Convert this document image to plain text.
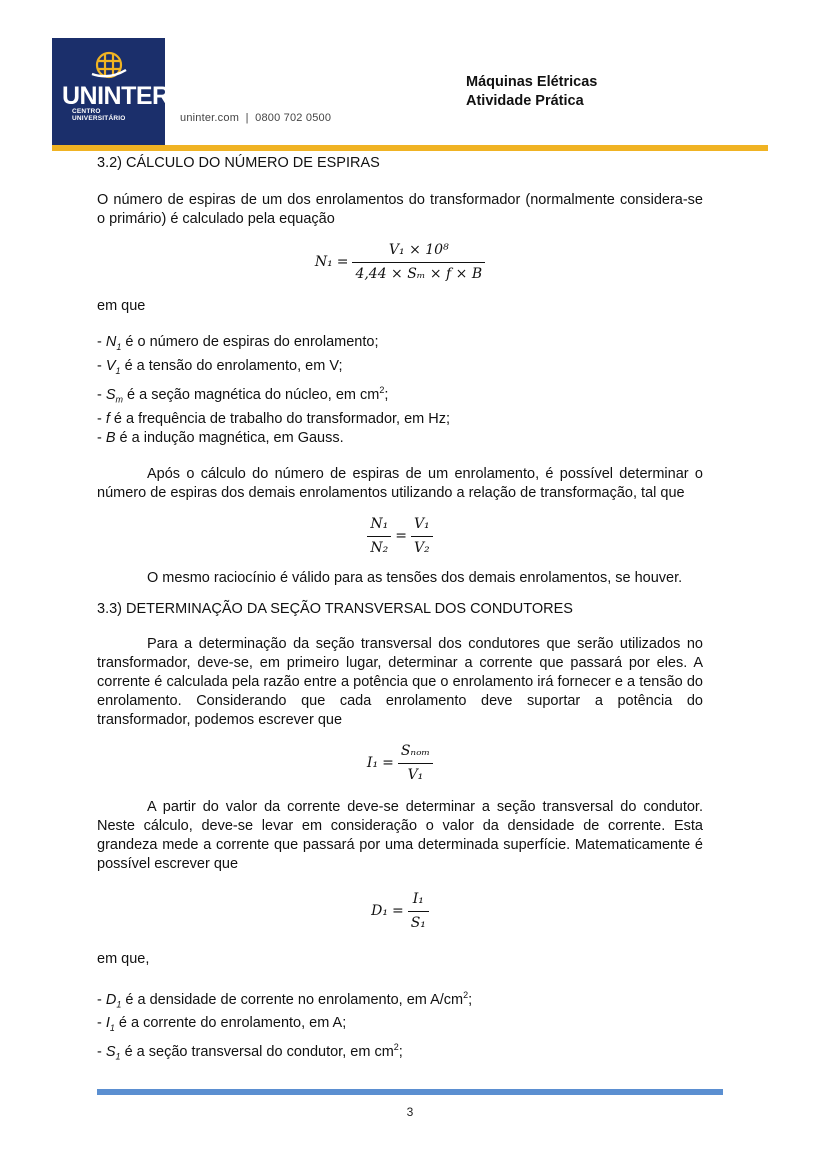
UNINTER
CENTRO
UNIVERSITÁRIO	uninter.com  |  0800 702 0500
Máquinas Elétricas
Atividade Prática

3.2) CÁLCULO DO NÚMERO DE ESPIRAS

O número de espiras de um dos enrolamentos do transformador (normalmente considera-se o primário) é calculado pela equação

$N_1 = \frac{\text{V₁ × 10⁸}}{\text{4,44 × Sₘ × f × B}}$

em que

- $N_1$ é o número de espiras do enrolamento;
- $V_1$ é a tensão do enrolamento, em V;
- $S_m$ é a seção magnética do núcleo, em $cm^2$;
- f é a frequência de trabalho do transformador, em Hz;
- B é a indução magnética, em Gauss.

Após o cálculo do número de espiras de um enrolamento, é possível determinar o número de espiras dos demais enrolamentos utilizando a relação de transformação, tal que

$\frac{\text{N₁}}{\text{N₂}} = \frac{\text{V₁}}{\text{V₂}}$

O mesmo raciocínio é válido para as tensões dos demais enrolamentos, se houver.

3.3) DETERMINAÇÃO DA SEÇÃO TRANSVERSAL DOS CONDUTORES

Para a determinação da seção transversal dos condutores que serão utilizados no transformador, deve-se, em primeiro lugar, determinar a corrente que passará por eles. A corrente é calculada pela razão entre a potência que o enrolamento irá fornecer e a tensão do enrolamento. Considerando que cada enrolamento deve suportar a potência do transformador, podemos escrever que

$I_1 = \frac{\text{Sₙₒₘ}}{\text{V₁}}$

A partir do valor da corrente deve-se determinar a seção transversal do condutor. Neste cálculo, deve-se levar em consideração o valor da densidade de corrente. Esta grandeza mede a corrente que passará por uma determinada superfície. Matematicamente é possível escrever que

$D_1 = \frac{\text{I₁}}{\text{S₁}}$

em que,

- $D_1$ é a densidade de corrente no enrolamento, em $A/cm^2$;
- $I_1$ é a corrente do enrolamento, em A;
- $S_1$ é a seção transversal do condutor, em $cm^2$;
3
